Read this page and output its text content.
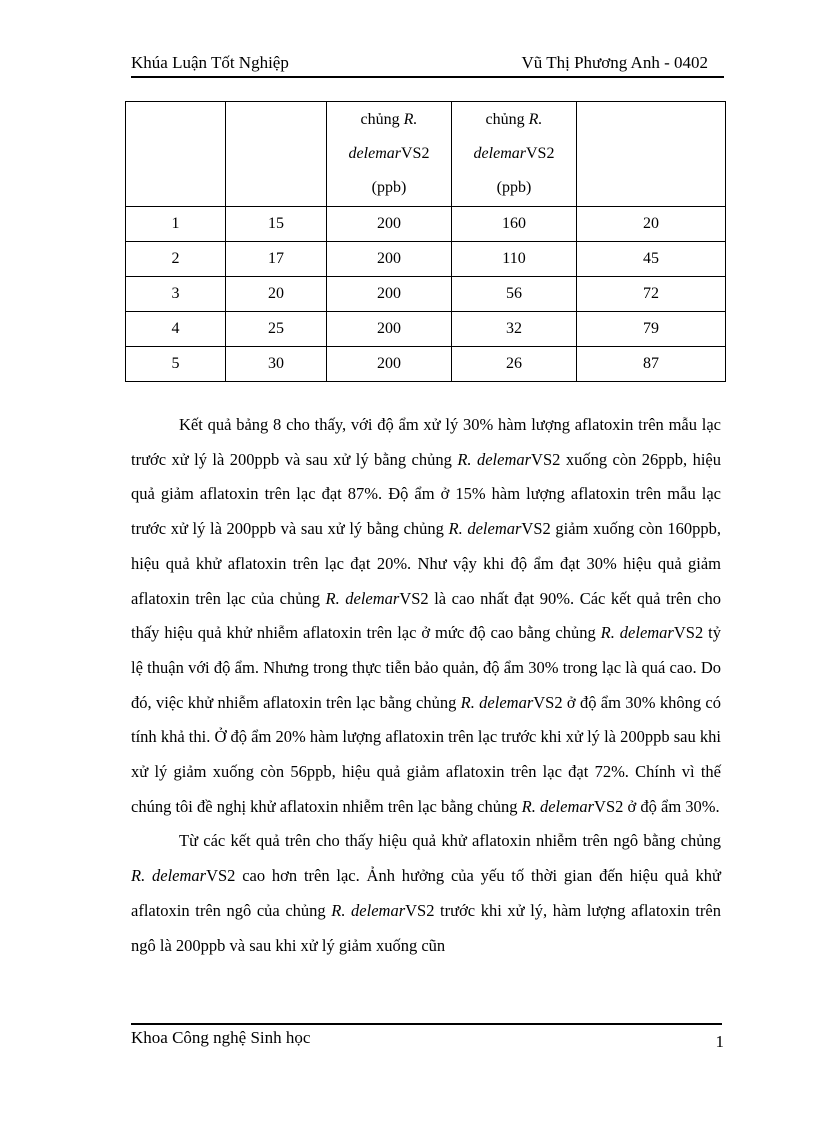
Khúa Luận Tốt Nghiệp	Vũ Thị Phương Anh - 0402
		chủng R.
delemarVS2
(ppb)	chủng R.
delemarVS2
(ppb)	
1	15	200	160	20
2	17	200	110	45
3	20	200	56	72
4	25	200	32	79
5	30	200	26	87

Kết quả bảng 8 cho thấy, với độ ẩm xử lý 30% hàm lượng aflatoxin trên mẫu lạc trước xử lý là 200ppb và sau xử lý bằng chủng R. delemarVS2 xuống còn 26ppb, hiệu quả giảm aflatoxin trên lạc đạt 87%. Độ ẩm ở 15% hàm lượng aflatoxin trên mẫu lạc trước xử lý là 200ppb và sau xử lý bằng chủng R. delemarVS2 giảm xuống còn 160ppb, hiệu quả khử aflatoxin trên lạc đạt 20%. Như vậy khi độ ẩm đạt 30% hiệu quả giảm aflatoxin trên lạc của chủng R. delemarVS2 là cao nhất đạt 90%. Các kết quả trên cho thấy hiệu quả khử nhiễm aflatoxin trên lạc ở mức độ cao bằng chủng R. delemarVS2 tỷ lệ thuận với độ ẩm. Nhưng trong thực tiễn bảo quản, độ ẩm 30% trong lạc là quá cao. Do đó, việc khử nhiễm aflatoxin trên lạc bằng chủng R. delemarVS2 ở độ ẩm 30% không có tính khả thi. Ở độ ẩm 20% hàm lượng aflatoxin trên lạc trước khi xử lý là 200ppb sau khi xử lý giảm xuống còn 56ppb, hiệu quả giảm aflatoxin trên lạc đạt 72%. Chính vì thế chúng tôi đề nghị khử aflatoxin nhiễm trên lạc bằng chủng R. delemarVS2 ở độ ẩm 30%.

Từ các kết quả trên cho thấy hiệu quả khử aflatoxin nhiễm trên ngô bằng chủng R. delemarVS2 cao hơn trên lạc. Ảnh hưởng của yếu tố thời gian đến hiệu quả khử aflatoxin trên ngô của chủng R. delemarVS2 trước khi xử lý, hàm lượng aflatoxin trên ngô là 200ppb và sau khi xử lý giảm xuống cũn

Khoa Công nghệ Sinh học	1
